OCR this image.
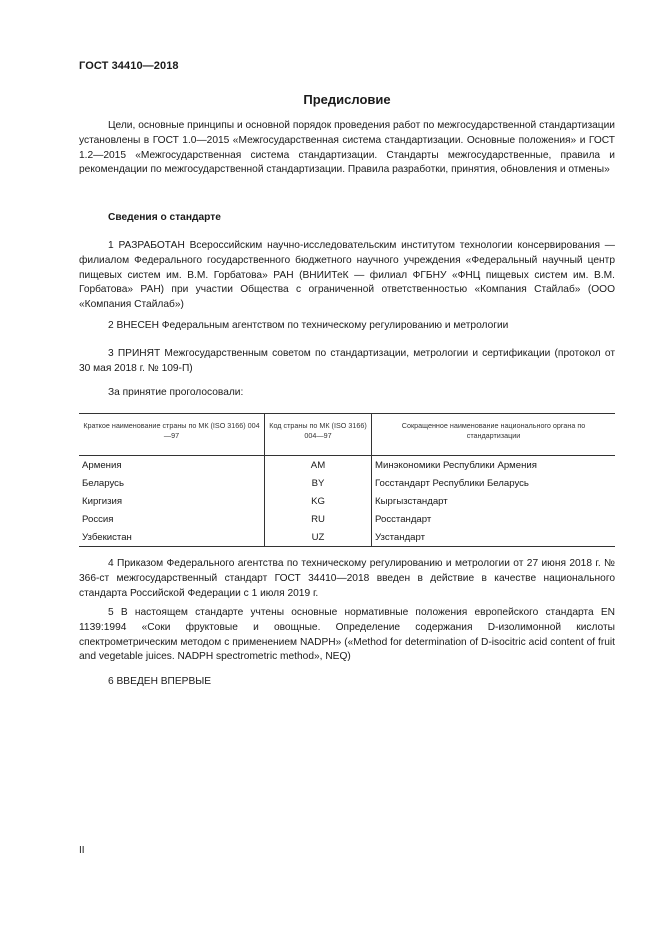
ГОСТ 34410—2018
Предисловие

Цели, основные принципы и основной порядок проведения работ по межгосударственной стандартизации установлены в ГОСТ 1.0—2015 «Межгосударственная система стандартизации. Основные положения» и ГОСТ 1.2—2015 «Межгосударственная система стандартизации. Стандарты межгосударственные, правила и рекомендации по межгосударственной стандартизации. Правила разработки, принятия, обновления и отмены»

Сведения о стандарте

1 РАЗРАБОТАН Всероссийским научно-исследовательским институтом технологии консервирования — филиалом Федерального государственного бюджетного научного учреждения «Федеральный научный центр пищевых систем им. В.М. Горбатова» РАН (ВНИИТеК — филиал ФГБНУ «ФНЦ пищевых систем им. В.М. Горбатова» РАН) при участии Общества с ограниченной ответственностью «Компания Стайлаб» (ООО «Компания Стайлаб»)

2 ВНЕСЕН Федеральным агентством по техническому регулированию и метрологии

3 ПРИНЯТ Межгосударственным советом по стандартизации, метрологии и сертификации (протокол от 30 мая 2018 г. № 109-П)

За принятие проголосовали:
Краткое наименование страны по МК (ISO 3166) 004—97	Код страны по МК (ISO 3166) 004—97	Сокращенное наименование национального органа по стандартизации
Армения	AM	Минэкономики Республики Армения
Беларусь	BY	Госстандарт Республики Беларусь
Киргизия	KG	Кыргызстандарт
Россия	RU	Росстандарт
Узбекистан	UZ	Узстандарт

4 Приказом Федерального агентства по техническому регулированию и метрологии от 27 июня 2018 г. № 366-ст межгосударственный стандарт ГОСТ 34410—2018 введен в действие в качестве национального стандарта Российской Федерации с 1 июля 2019 г.

5 В настоящем стандарте учтены основные нормативные положения европейского стандарта EN 1139:1994 «Соки фруктовые и овощные. Определение содержания D-изолимонной кислоты спектрометрическим методом с применением NADPH» («Method for determination of D-isocitric acid content of fruit and vegetable juices. NADPH spectrometric method», NEQ)

6 ВВЕДЕН ВПЕРВЫЕ
II
